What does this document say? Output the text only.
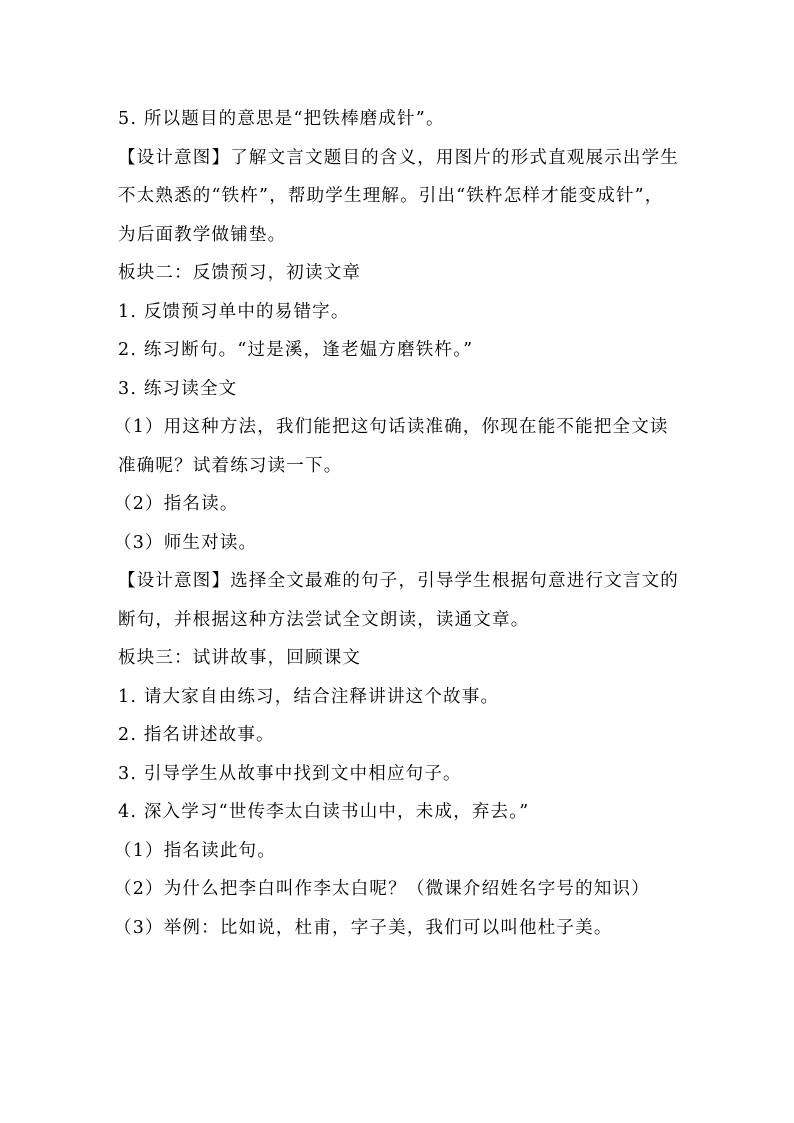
5. 所以题目的意思是“把铁棒磨成针”。
【设计意图】了解文言文题目的含义，用图片的形式直观展示出学生
不太熟悉的“铁杵”，帮助学生理解。引出“铁杵怎样才能变成针”，
为后面教学做铺垫。
板块二：反馈预习，初读文章
1. 反馈预习单中的易错字。
2. 练习断句。“过是溪，逢老媪方磨铁杵。”
3. 练习读全文
（1）用这种方法，我们能把这句话读准确，你现在能不能把全文读
准确呢？试着练习读一下。
（2）指名读。
（3）师生对读。
【设计意图】选择全文最难的句子，引导学生根据句意进行文言文的
断句，并根据这种方法尝试全文朗读，读通文章。
板块三：试讲故事，回顾课文
1. 请大家自由练习，结合注释讲讲这个故事。
2. 指名讲述故事。
3. 引导学生从故事中找到文中相应句子。
4. 深入学习“世传李太白读书山中，未成，弃去。”
（1）指名读此句。
（2）为什么把李白叫作李太白呢？（微课介绍姓名字号的知识）
（3）举例：比如说，杜甫，字子美，我们可以叫他杜子美。
